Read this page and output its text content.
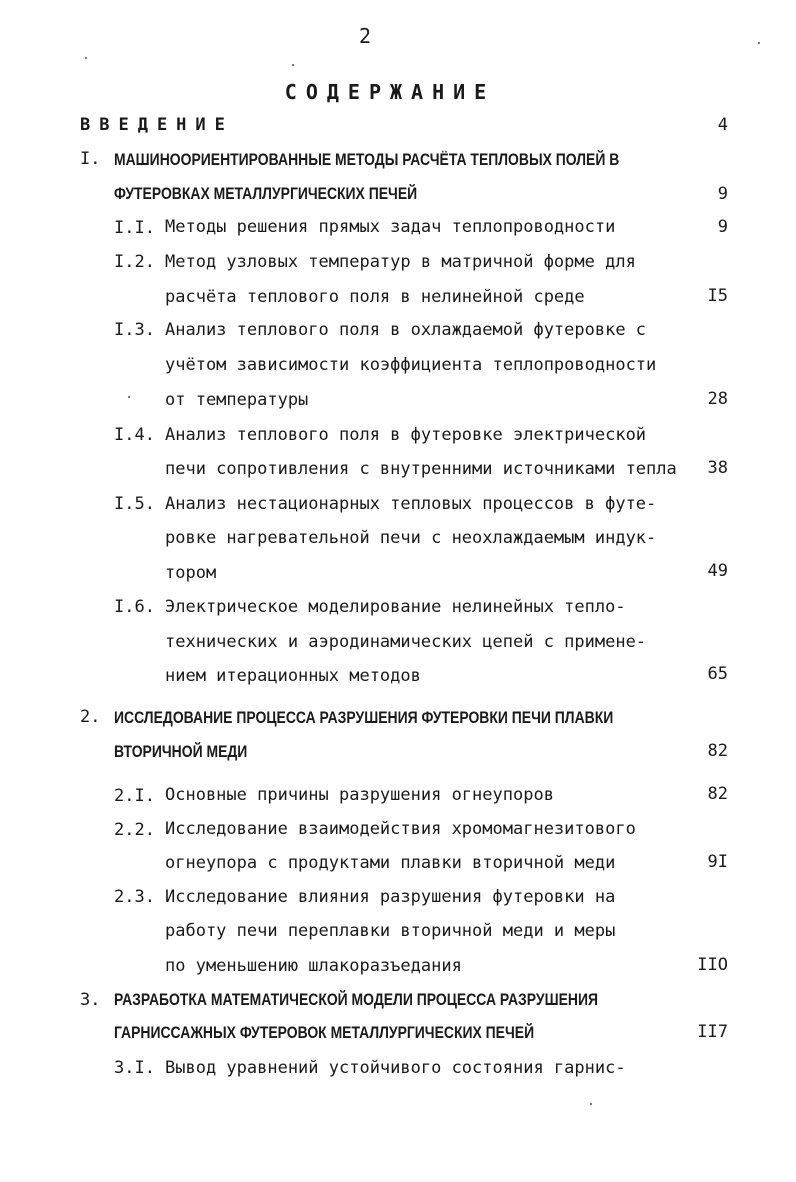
2
СОДЕРЖАНИЕ
ВВЕДЕНИЕ	4
I. МАШИНООРИЕНТИРОВАННЫЕ МЕТОДЫ РАСЧЁТА ТЕПЛОВЫХ ПОЛЕЙ В
ФУТЕРОВКАХ МЕТАЛЛУРГИЧЕСКИХ ПЕЧЕЙ	9
I.I. Методы решения прямых задач теплопроводности	9
I.2. Метод узловых температур в матричной форме для
расчёта теплового поля в нелинейной среде	I5
I.3. Анализ теплового поля в охлаждаемой футеровке с
учётом зависимости коэффициента теплопроводности
от температуры	28
I.4. Анализ теплового поля в футеровке электрической
печи сопротивления с внутренними источниками тепла 38
I.5. Анализ нестационарных тепловых процессов в футе-
ровке нагревательной печи с неохлаждаемым индук-
тором	49
I.6. Электрическое моделирование нелинейных тепло-
технических и аэродинамических цепей с примене-
нием итерационных методов	65
2. ИССЛЕДОВАНИЕ ПРОЦЕССА РАЗРУШЕНИЯ ФУТЕРОВКИ ПЕЧИ ПЛАВКИ
ВТОРИЧНОЙ МЕДИ	82
2.I. Основные причины разрушения огнеупоров	82
2.2. Исследование взаимодействия хромомагнезитового
огнеупора с продуктами плавки вторичной меди	9I
2.3. Исследование влияния разрушения футеровки на
работу печи переплавки вторичной меди и меры
по уменьшению шлакоразъедания	IIO
3. РАЗРАБОТКА МАТЕМАТИЧЕСКОЙ МОДЕЛИ ПРОЦЕССА РАЗРУШЕНИЯ
ГАРНИССАЖНЫХ ФУТЕРОВОК МЕТАЛЛУРГИЧЕСКИХ ПЕЧЕЙ	II7
3.I. Вывод уравнений устойчивого состояния гарнис-
